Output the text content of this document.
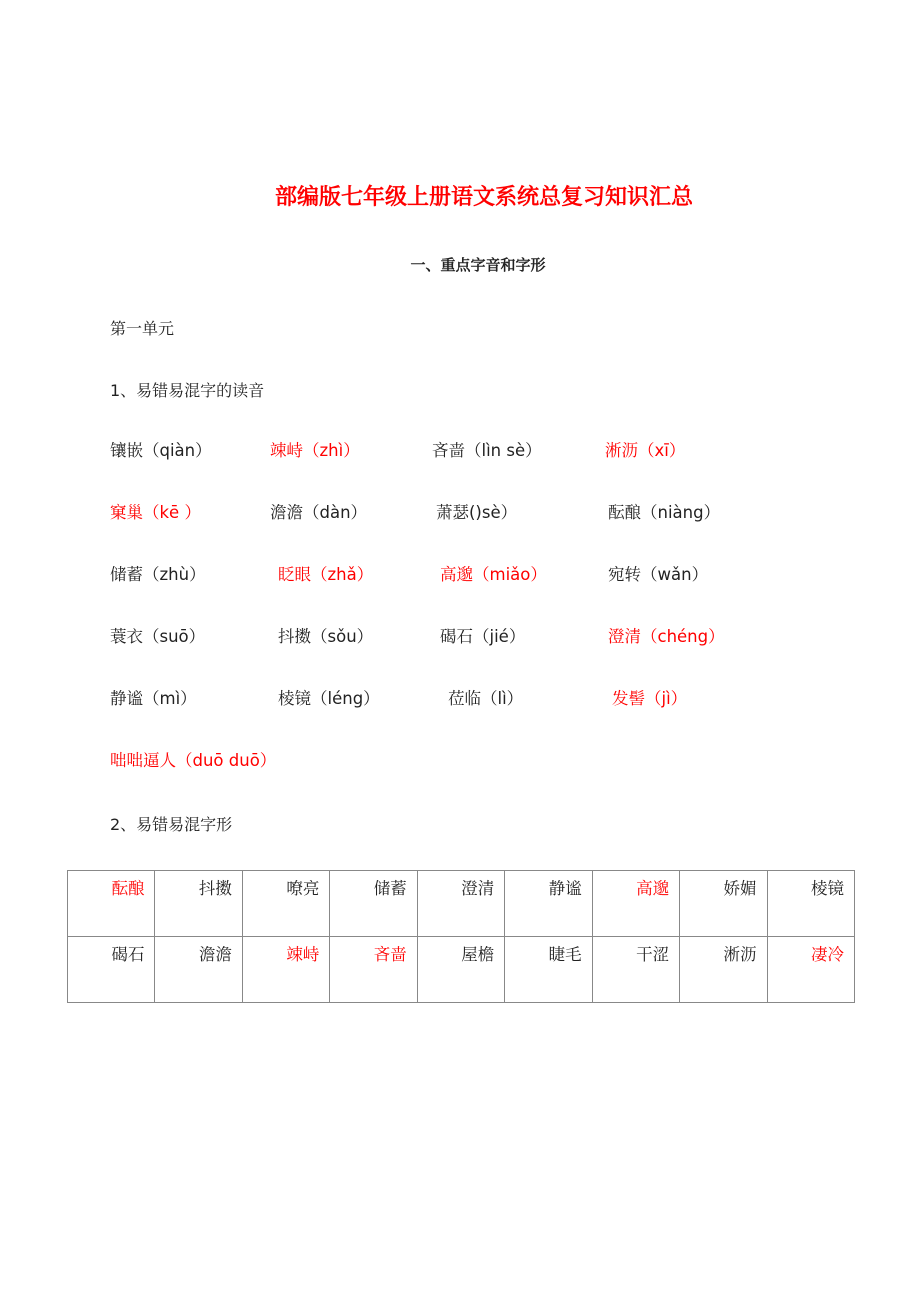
部编版七年级上册语文系统总复习知识汇总
一、重点字音和字形
第一单元
1、易错易混字的读音
镶嵌（qiàn）	竦峙（zhì）	吝啬（lìn sè）	淅沥（xī）
窠巢（kē ）	澹澹（dàn）	萧瑟()sè）	酝酿（niàng）
储蓄（zhù）	眨眼（zhǎ）	高邈（miǎo）	宛转（wǎn）
蓑衣（suō）	抖擞（sǒu）	碣石（jié）	澄清（chéng）
静谧（mì）	棱镜（léng）	莅临（lì）	发髻（jì）
咄咄逼人（duō duō）
2、易错易混字形
酝酿	抖擞	嘹亮	储蓄	澄清	静谧	高邈	娇媚	棱镜
碣石	澹澹	竦峙	吝啬	屋檐	睫毛	干涩	淅沥	凄冷
